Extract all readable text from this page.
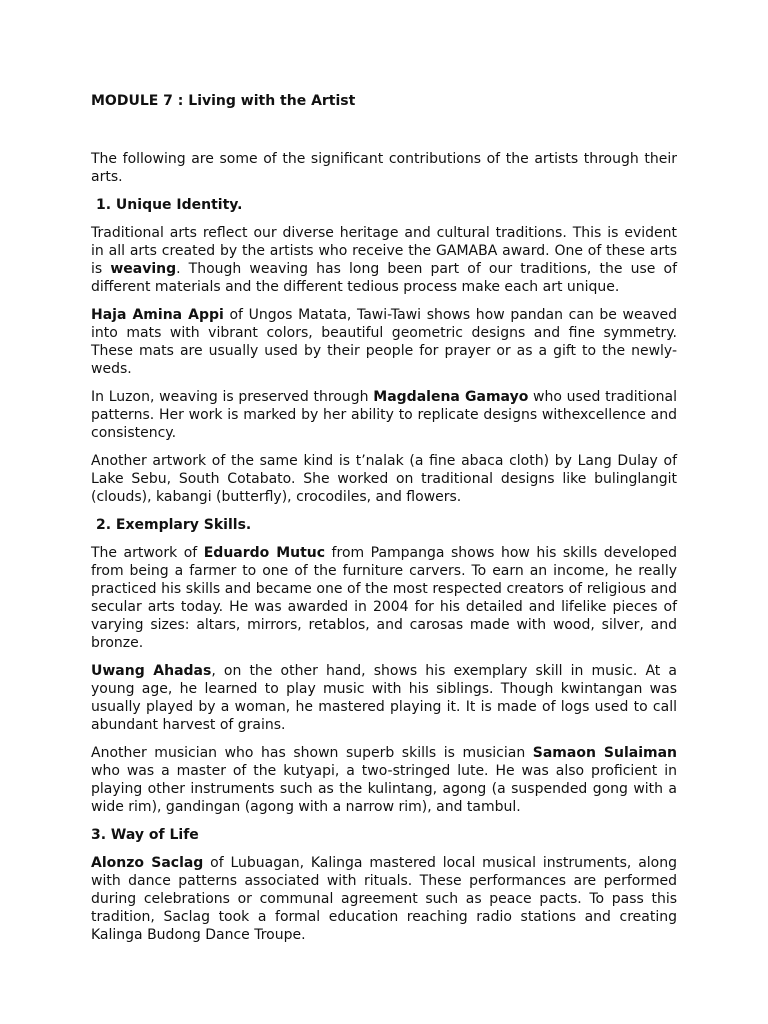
MODULE 7 : Living with the Artist

The following are some of the significant contributions of the artists through their arts.

1. Unique Identity.

Traditional arts reflect our diverse heritage and cultural traditions. This is evident in all arts created by the artists who receive the GAMABA award. One of these arts is weaving. Though weaving has long been part of our traditions, the use of different materials and the different tedious process make each art unique.

Haja Amina Appi of Ungos Matata, Tawi-Tawi shows how pandan can be weaved into mats with vibrant colors, beautiful geometric designs and fine symmetry. These mats are usually used by their people for prayer or as a gift to the newly-weds.

In Luzon, weaving is preserved through Magdalena Gamayo who used traditional patterns. Her work is marked by her ability to replicate designs withexcellence and consistency.

Another artwork of the same kind is t’nalak (a fine abaca cloth) by Lang Dulay of Lake Sebu, South Cotabato. She worked on traditional designs like bulinglangit (clouds), kabangi (butterfly), crocodiles, and flowers.

2. Exemplary Skills.

The artwork of Eduardo Mutuc from Pampanga shows how his skills developed from being a farmer to one of the furniture carvers. To earn an income, he really practiced his skills and became one of the most respected creators of religious and secular arts today. He was awarded in 2004 for his detailed and lifelike pieces of varying sizes: altars, mirrors, retablos, and carosas made with wood, silver, and bronze.

Uwang Ahadas, on the other hand, shows his exemplary skill in music. At a young age, he learned to play music with his siblings. Though kwintangan was usually played by a woman, he mastered playing it. It is made of logs used to call abundant harvest of grains.

Another musician who has shown superb skills is musician Samaon Sulaiman who was a master of the kutyapi, a two-stringed lute. He was also proficient in playing other instruments such as the kulintang, agong (a suspended gong with a wide rim), gandingan (agong with a narrow rim), and tambul.

3. Way of Life

Alonzo Saclag of Lubuagan, Kalinga mastered local musical instruments, along with dance patterns associated with rituals. These performances are performed during celebrations or communal agreement such as peace pacts. To pass this tradition, Saclag took a formal education reaching radio stations and creating Kalinga Budong Dance Troupe.
